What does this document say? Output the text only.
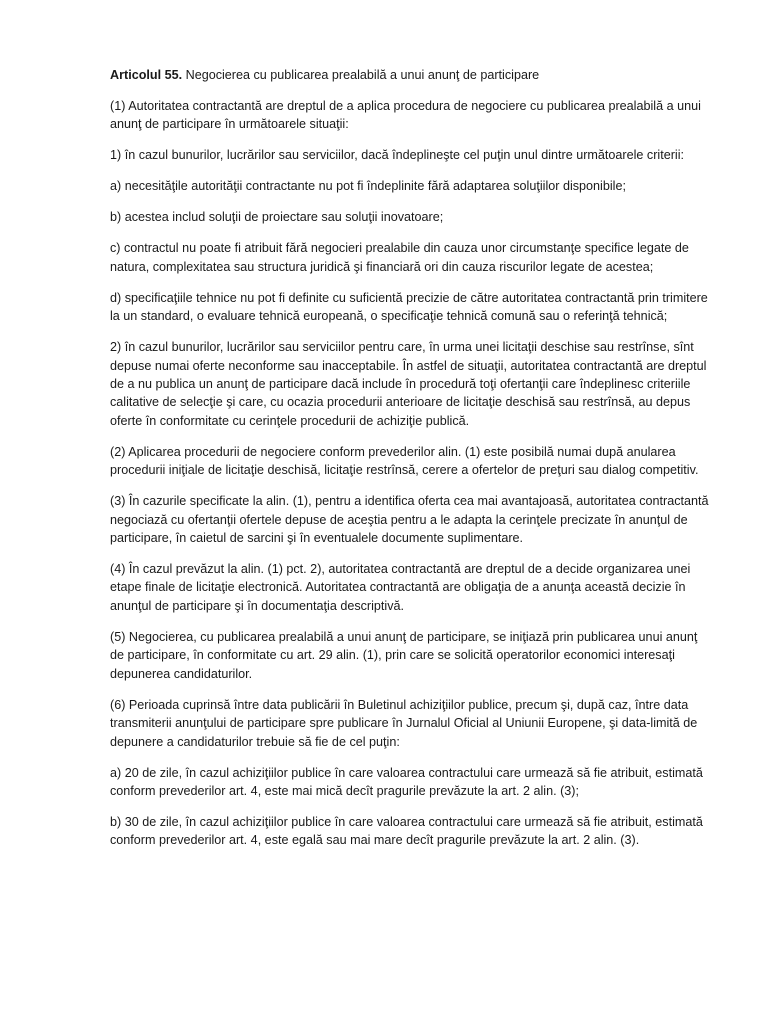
Articolul 55. Negocierea cu publicarea prealabilă a unui anunţ de participare

(1) Autoritatea contractantă are dreptul de a aplica procedura de negociere cu publicarea prealabilă a unui anunţ de participare în următoarele situaţii:

1) în cazul bunurilor, lucrărilor sau serviciilor, dacă îndeplineşte cel puţin unul dintre următoarele criterii:

a) necesităţile autorităţii contractante nu pot fi îndeplinite fără adaptarea soluţiilor disponibile;

b) acestea includ soluţii de proiectare sau soluţii inovatoare;

c) contractul nu poate fi atribuit fără negocieri prealabile din cauza unor circumstanţe specifice legate de natura, complexitatea sau structura juridică şi financiară ori din cauza riscurilor legate de acestea;

d) specificaţiile tehnice nu pot fi definite cu suficientă precizie de către autoritatea contractantă prin trimitere la un standard, o evaluare tehnică europeană, o specificaţie tehnică comună sau o referinţă tehnică;

2) în cazul bunurilor, lucrărilor sau serviciilor pentru care, în urma unei licitaţii deschise sau restrînse, sînt depuse numai oferte neconforme sau inacceptabile. În astfel de situaţii, autoritatea contractantă are dreptul de a nu publica un anunţ de participare dacă include în procedură toţi ofertanţii care îndeplinesc criteriile calitative de selecţie şi care, cu ocazia procedurii anterioare de licitaţie deschisă sau restrînsă, au depus oferte în conformitate cu cerinţele procedurii de achiziţie publică.

(2) Aplicarea procedurii de negociere conform prevederilor alin. (1) este posibilă numai după anularea procedurii iniţiale de licitaţie deschisă, licitaţie restrînsă, cerere a ofertelor de preţuri sau dialog competitiv.

(3) În cazurile specificate la alin. (1), pentru a identifica oferta cea mai avantajoasă, autoritatea contractantă negociază cu ofertanţii ofertele depuse de aceştia pentru a le adapta la cerinţele precizate în anunţul de participare, în caietul de sarcini şi în eventualele documente suplimentare.

(4) În cazul prevăzut la alin. (1) pct. 2), autoritatea contractantă are dreptul de a decide organizarea unei etape finale de licitaţie electronică. Autoritatea contractantă are obligaţia de a anunţa această decizie în anunţul de participare şi în documentaţia descriptivă.

(5) Negocierea, cu publicarea prealabilă a unui anunţ de participare, se iniţiază prin publicarea unui anunţ de participare, în conformitate cu art. 29 alin. (1), prin care se solicită operatorilor economici interesaţi depunerea candidaturilor.

(6) Perioada cuprinsă între data publicării în Buletinul achiziţiilor publice, precum şi, după caz, între data transmiterii anunţului de participare spre publicare în Jurnalul Oficial al Uniunii Europene, şi data-limită de depunere a candidaturilor trebuie să fie de cel puţin:

a) 20 de zile, în cazul achiziţiilor publice în care valoarea contractului care urmează să fie atribuit, estimată conform prevederilor art. 4, este mai mică decît pragurile prevăzute la art. 2 alin. (3);

b) 30 de zile, în cazul achiziţiilor publice în care valoarea contractului care urmează să fie atribuit, estimată conform prevederilor art. 4, este egală sau mai mare decît pragurile prevăzute la art. 2 alin. (3).
